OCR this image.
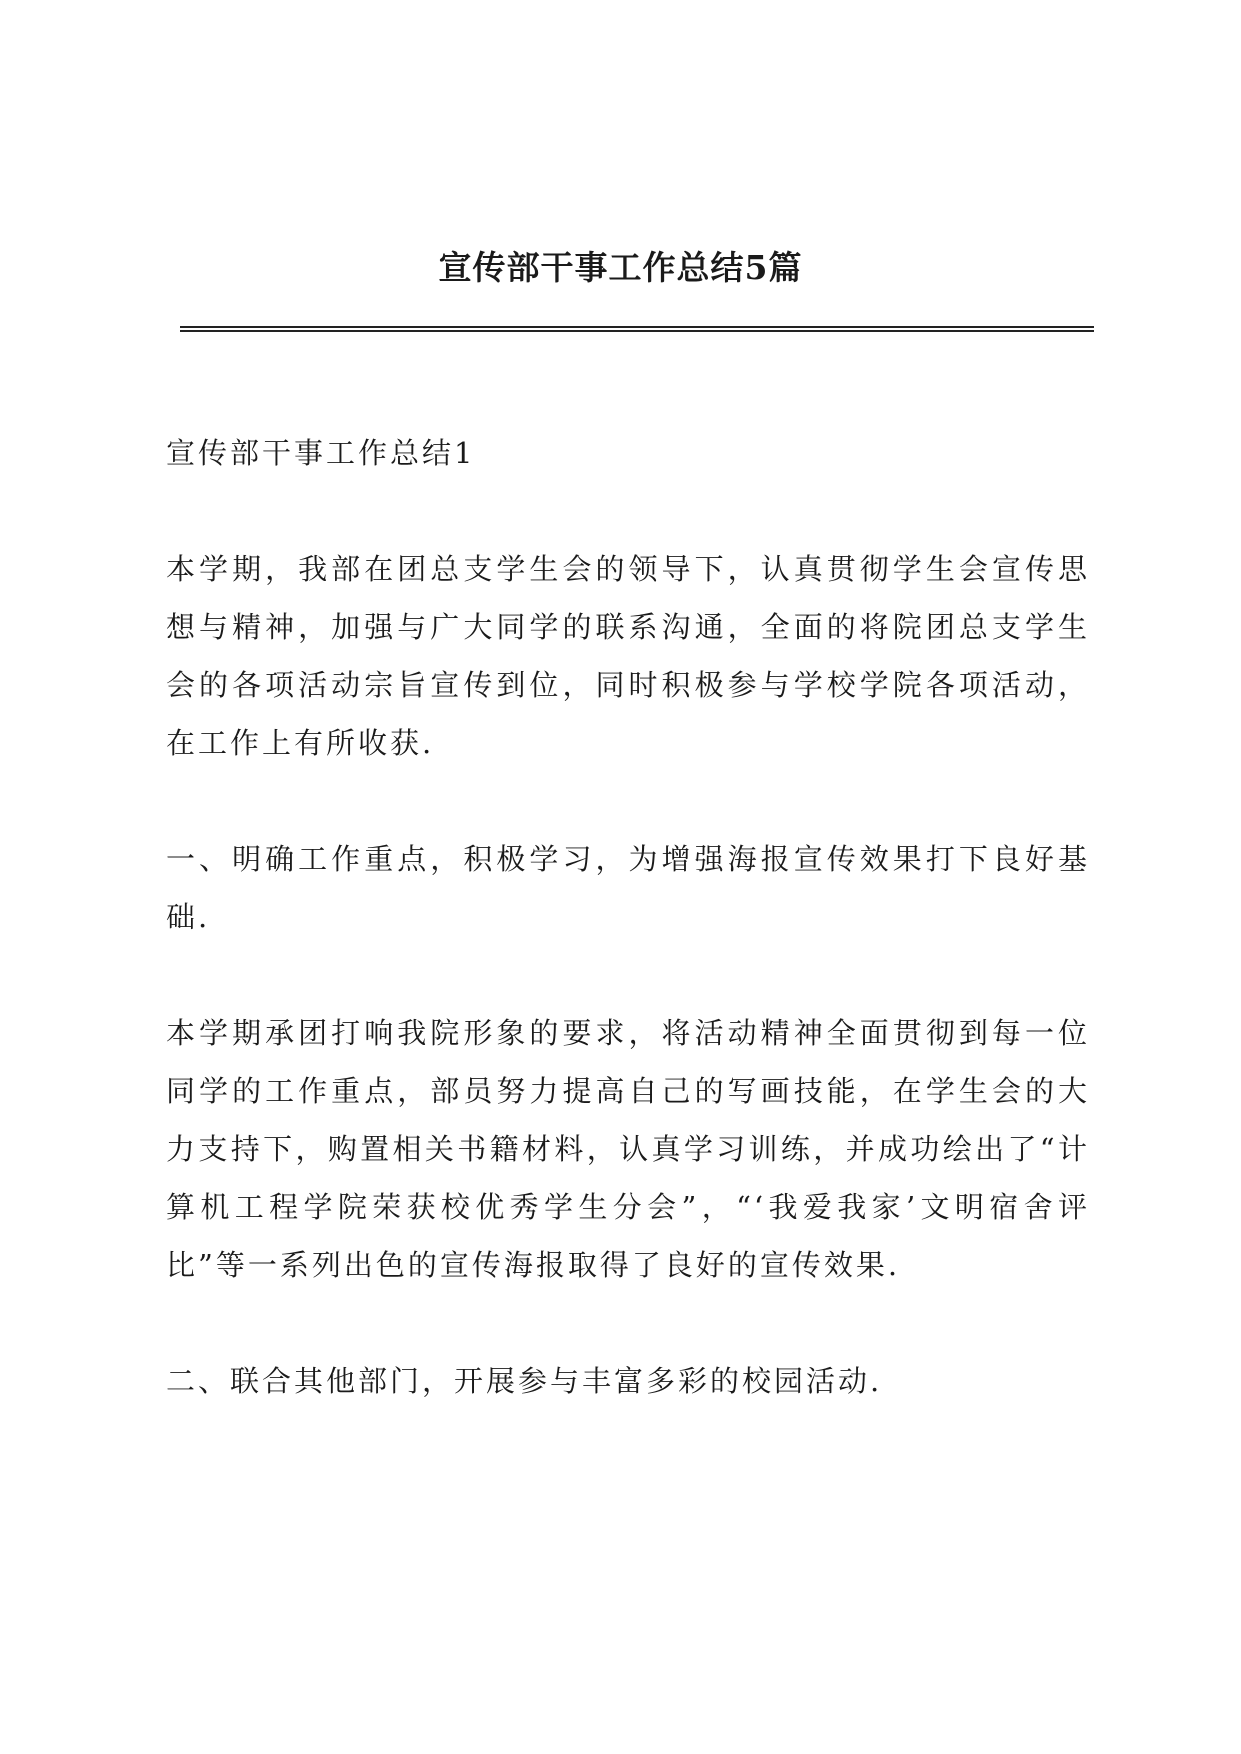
宣传部干事工作总结5篇

宣传部干事工作总结1

本学期，我部在团总支学生会的领导下，认真贯彻学生会宣传思想与精神，加强与广大同学的联系沟通，全面的将院团总支学生会的各项活动宗旨宣传到位，同时积极参与学校学院各项活动，在工作上有所收获.

一、明确工作重点，积极学习，为增强海报宣传效果打下良好基础.

本学期承团打响我院形象的要求，将活动精神全面贯彻到每一位同学的工作重点，部员努力提高自己的写画技能，在学生会的大力支持下，购置相关书籍材料，认真学习训练，并成功绘出了“计算机工程学院荣获校优秀学生分会”，“‘我爱我家’文明宿舍评比”等一系列出色的宣传海报取得了良好的宣传效果.

二、联合其他部门，开展参与丰富多彩的校园活动.
